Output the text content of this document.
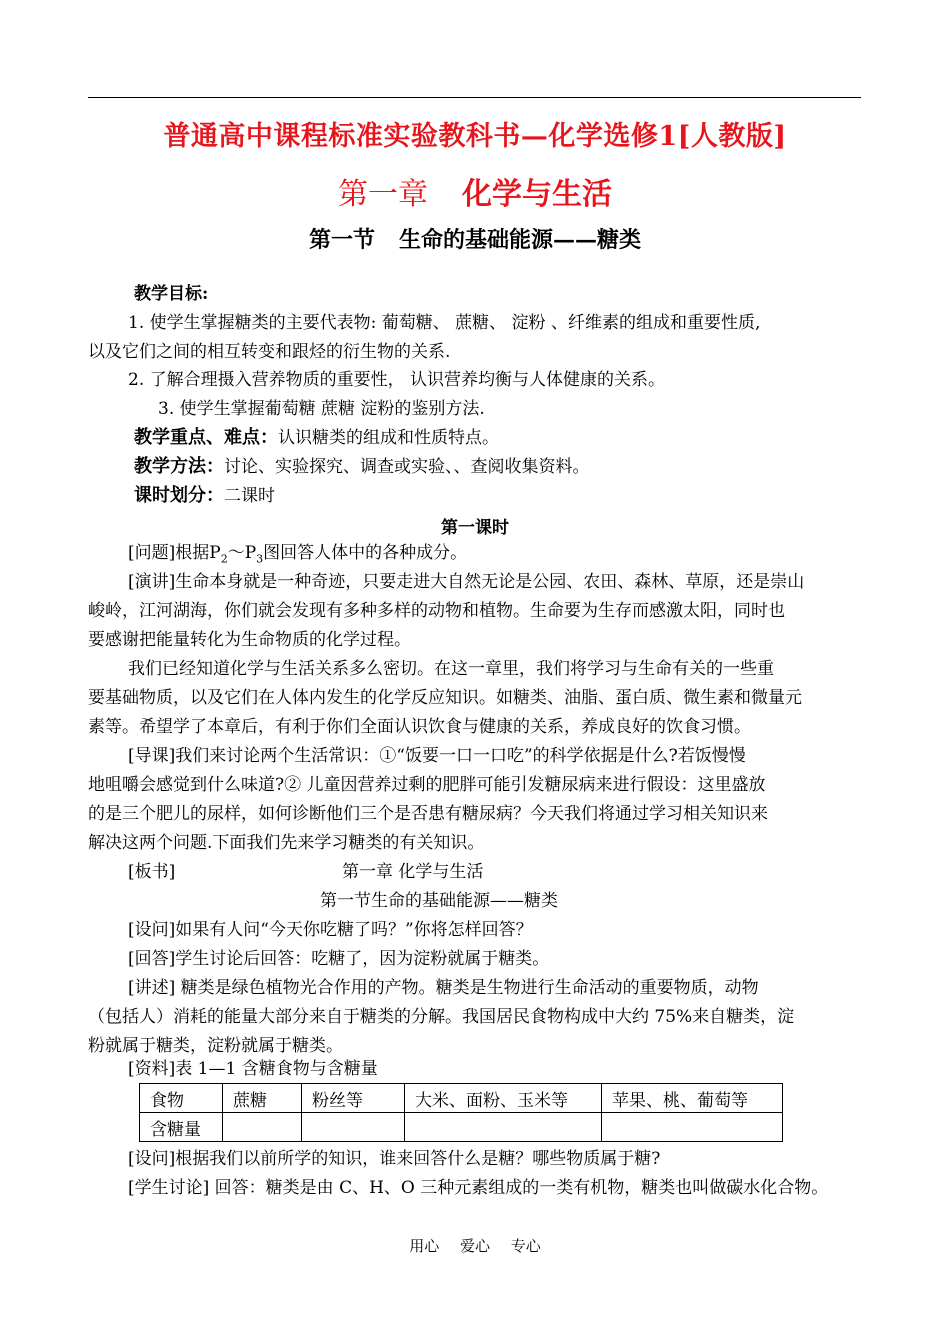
普通高中课程标准实验教科书—化学选修1[人教版]
第一章 化学与生活
第一节 生命的基础能源——糖类
教学目标:
1. 使学生掌握糖类的主要代表物: 葡萄糖、 蔗糖、 淀粉 、纤维素的组成和重要性质,
以及它们之间的相互转变和跟烃的衍生物的关系.
2. 了解合理摄入营养物质的重要性， 认识营养均衡与人体健康的关系。
3. 使学生掌握葡萄糖 蔗糖 淀粉的鉴别方法.
教学重点、难点：认识糖类的组成和性质特点。
教学方法：讨论、实验探究、调查或实验、、查阅收集资料。
课时划分：二课时
第一课时
[问题]根据$P_2\sim P_3$图回答人体中的各种成分。
[演讲]生命本身就是一种奇迹，只要走进大自然无论是公园、农田、森林、草原，还是崇山
峻岭，江河湖海，你们就会发现有多种多样的动物和植物。生命要为生存而感激太阳，同时也
要感谢把能量转化为生命物质的化学过程。
我们已经知道化学与生活关系多么密切。在这一章里，我们将学习与生命有关的一些重
要基础物质，以及它们在人体内发生的化学反应知识。如糖类、油脂、蛋白质、微生素和微量元
素等。希望学了本章后，有利于你们全面认识饮食与健康的关系，养成良好的饮食习惯。
[导课]我们来讨论两个生活常识：①“饭要一口一口吃”的科学依据是什么?若饭慢慢
地咀嚼会感觉到什么味道?② 儿童因营养过剩的肥胖可能引发糖尿病来进行假设：这里盛放
的是三个肥儿的尿样，如何诊断他们三个是否患有糖尿病？今天我们将通过学习相关知识来
解决这两个问题.下面我们先来学习糖类的有关知识。
[板书]	第一章 化学与生活
第一节生命的基础能源——糖类
[设问]如果有人问“今天你吃糖了吗？”你将怎样回答？
[回答]学生讨论后回答：吃糖了，因为淀粉就属于糖类。
[讲述] 糖类是绿色植物光合作用的产物。糖类是生物进行生命活动的重要物质，动物
（包括人）消耗的能量大部分来自于糖类的分解。我国居民食物构成中大约 75%来自糖类，淀
粉就属于糖类，淀粉就属于糖类。
[资料]表 1—1 含糖食物与含糖量
食物	蔗糖	粉丝等	大米、面粉、玉米等	苹果、桃、葡萄等
含糖量				
[设问]根据我们以前所学的知识，谁来回答什么是糖？哪些物质属于糖?
[学生讨论] 回答：糖类是由 C、H、O 三种元素组成的一类有机物，糖类也叫做碳水化合物。
用心 爱心 专心
